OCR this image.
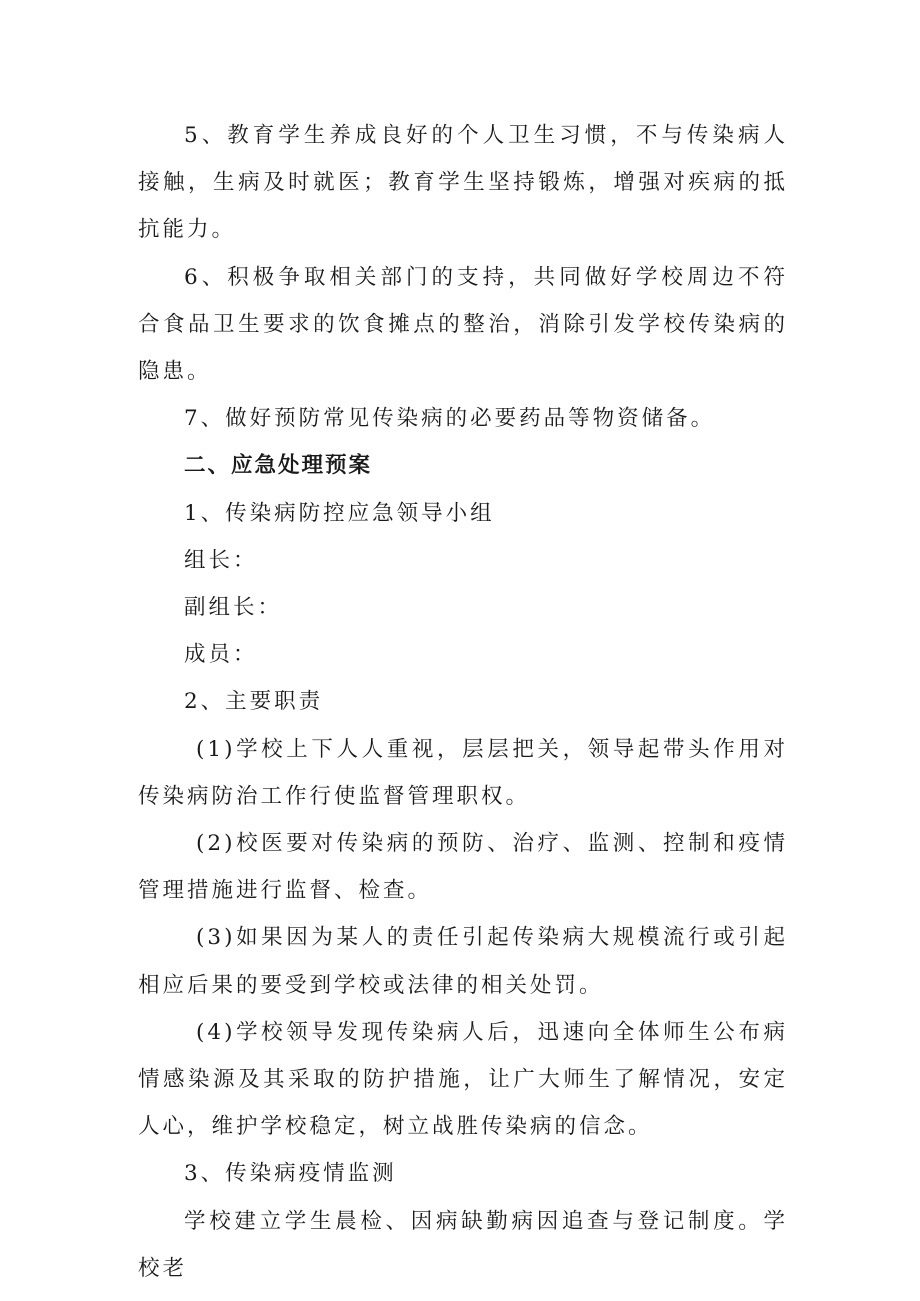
5、教育学生养成良好的个人卫生习惯，不与传染病人接触，生病及时就医；教育学生坚持锻炼，增强对疾病的抵抗能力。

6、积极争取相关部门的支持，共同做好学校周边不符合食品卫生要求的饮食摊点的整治，消除引发学校传染病的隐患。

7、做好预防常见传染病的必要药品等物资储备。

二、应急处理预案

1、传染病防控应急领导小组

组长：

副组长：

成员：

2、主要职责

(1)学校上下人人重视，层层把关，领导起带头作用对传染病防治工作行使监督管理职权。

(2)校医要对传染病的预防、治疗、监测、控制和疫情管理措施进行监督、检查。

(3)如果因为某人的责任引起传染病大规模流行或引起相应后果的要受到学校或法律的相关处罚。

(4)学校领导发现传染病人后，迅速向全体师生公布病情感染源及其采取的防护措施，让广大师生了解情况，安定人心，维护学校稳定，树立战胜传染病的信念。

3、传染病疫情监测

学校建立学生晨检、因病缺勤病因追查与登记制度。学校老
